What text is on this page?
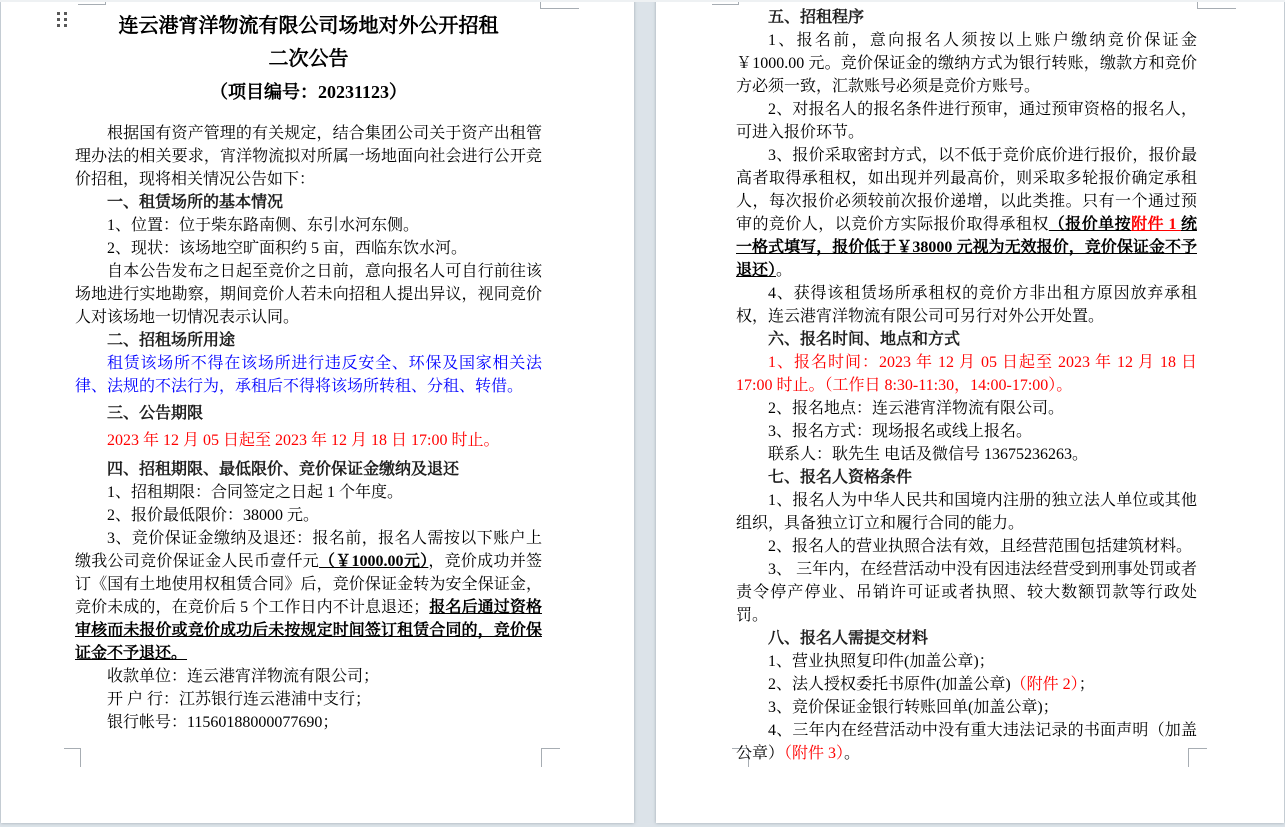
连云港宵洋物流有限公司场地对外公开招租

二次公告

（项目编号：20231123）

根据国有资产管理的有关规定，结合集团公司关于资产出租管理办法的相关要求，宵洋物流拟对所属一场地面向社会进行公开竞价招租，现将相关情况公告如下：

一、租赁场所的基本情况

1、位置：位于柴东路南侧、东引水河东侧。

2、现状：该场地空旷面积约 5 亩，西临东饮水河。

自本公告发布之日起至竞价之日前，意向报名人可自行前往该场地进行实地勘察，期间竞价人若未向招租人提出异议，视同竞价人对该场地一切情况表示认同。

二、招租场所用途

租赁该场所不得在该场所进行违反安全、环保及国家相关法律、法规的不法行为，承租后不得将该场所转租、分租、转借。

三、公告期限

2023 年 12 月 05 日起至 2023 年 12 月 18 日 17:00 时止。

四、招租期限、最低限价、竞价保证金缴纳及退还

1、招租期限：合同签定之日起 1 个年度。

2、报价最低限价：38000 元。

3、竞价保证金缴纳及退还：报名前，报名人需按以下账户上缴我公司竞价保证金人民币壹仟元（￥1000.00元），竞价成功并签订《国有土地使用权租赁合同》后，竞价保证金转为安全保证金，竞价未成的，在竞价后 5 个工作日内不计息退还；报名后通过资格审核而未报价或竞价成功后未按规定时间签订租赁合同的，竞价保证金不予退还。

收款单位：连云港宵洋物流有限公司；

开 户 行：江苏银行连云港浦中支行；

银行帐号：11560188000077690；

五、招租程序

1、报名前，意向报名人须按以上账户缴纳竞价保证金￥1000.00 元。竞价保证金的缴纳方式为银行转账，缴款方和竞价方必须一致，汇款账号必须是竞价方账号。

2、对报名人的报名条件进行预审，通过预审资格的报名人，可进入报价环节。

3、报价采取密封方式，以不低于竞价底价进行报价，报价最高者取得承租权，如出现并列最高价，则采取多轮报价确定承租人，每次报价必须较前次报价递增，以此类推。只有一个通过预审的竞价人，以竞价方实际报价取得承租权（报价单按附件 1 统一格式填写，报价低于￥38000 元视为无效报价，竞价保证金不予退还）。

4、获得该租赁场所承租权的竞价方非出租方原因放弃承租权，连云港宵洋物流有限公司可另行对外公开处置。

六、报名时间、地点和方式

1、报名时间：2023 年 12 月 05 日起至 2023 年 12 月 18 日 17:00 时止。（工作日 8:30-11:30，14:00-17:00）。

2、报名地点：连云港宵洋物流有限公司。

3、报名方式：现场报名或线上报名。

联系人：耿先生 电话及微信号 13675236263。

七、报名人资格条件

1、报名人为中华人民共和国境内注册的独立法人单位或其他组织，具备独立订立和履行合同的能力。

2、报名人的营业执照合法有效，且经营范围包括建筑材料。

3、 三年内，在经营活动中没有因违法经营受到刑事处罚或者责令停产停业、吊销许可证或者执照、较大数额罚款等行政处罚。

八、报名人需提交材料

1、营业执照复印件(加盖公章)；

2、法人授权委托书原件(加盖公章)（附件 2）；

3、竞价保证金银行转账回单(加盖公章)；

4、三年内在经营活动中没有重大违法记录的书面声明（加盖公章）（附件 3）。
